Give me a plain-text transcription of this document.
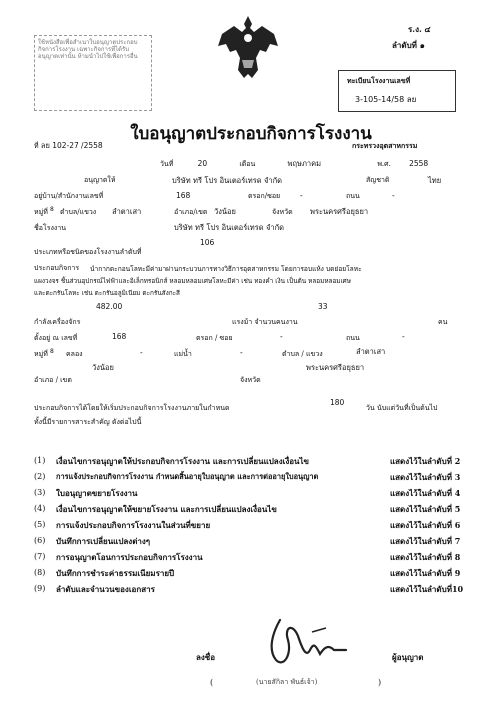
ใช้หนังสือเพื่อสำเนาใบอนุญาตประกอบกิจการโรงงาน เฉพาะกิจการที่ได้รับอนุญาตเท่านั้น ห้ามนำไปใช้เพื่อการอื่น
ร.ง. ๔
ลำดับที่ ๑
ทะเบียนโรงงานเลขที่
3-105-14/58 ลย
ใบอนุญาตประกอบกิจการโรงงาน
ที่ ลย 102-27 /2558	กระทรวงอุตสาหกรรม
วันที่	20	เดือน	พฤษภาคม	พ.ศ. 2558
อนุญาตให้	บริษัท ทรี โปร อินเตอร์เทรด จำกัด	สัญชาติ	ไทย
อยู่บ้าน/สำนักงานเลขที่	168	ตรอก/ซอย	-	ถนน	-
หมู่ที่ 8 ตำบล/แขวง ลำตาเสา	อำเภอ/เขต วังน้อย	จังหวัด พระนครศรีอยุธยา
ชื่อโรงงาน	บริษัท ทรี โปร อินเตอร์เทรด จำกัด
ประเภทหรือชนิดของโรงงานลำดับที่
106
ประกอบกิจการ นำกากตะกอนโลหะมีค่ามาผ่านกระบวนการทางวิธีการอุตสาหกรรม โดยการอบแห้ง บดย่อยโลหะ
แผงวงจร ชิ้นส่วนอุปกรณ์ไฟฟ้าและอิเล็กทรอนิกส์ หลอมหลอมเศษโลหะมีค่า เช่น ทองคำ เงิน เป็นต้น หลอมหลอมเศษ
และตะกรันโลหะ เช่น ตะกรันอลูมิเนียม ตะกรันสังกะสี
482.00	33
กำลังเครื่องจักร	แรงม้า จำนวนคนงาน	คน
ตั้งอยู่ ณ เลขที่	168	ตรอก / ซอย	-	ถนน	-
หมู่ที่ 8 คลอง	-	แม่น้ำ	-	ตำบล / แขวง	ลำตาเสา
วังน้อย	พระนครศรีอยุธยา
อำเภอ / เขต	จังหวัด
ประกอบกิจการได้โดยให้เริ่มประกอบกิจการโรงงานภายในกำหนด
180
วัน นับแต่วันที่เป็นต้นไป
ทั้งนี้มีรายการสาระสำคัญ ดังต่อไปนี้
(1) เงื่อนไขการอนุญาตให้ประกอบกิจการโรงงาน และการเปลี่ยนแปลงเงื่อนไข	แสดงไว้ในลำดับที่ 2
(2) การแจ้งประกอบกิจการโรงงาน กำหนดสิ้นอายุใบอนุญาต และการต่ออายุใบอนุญาต	แสดงไว้ในลำดับที่ 3
(3) ใบอนุญาตขยายโรงงาน	แสดงไว้ในลำดับที่ 4
(4) เงื่อนไขการอนุญาตให้ขยายโรงงาน และการเปลี่ยนแปลงเงื่อนไข	แสดงไว้ในลำดับที่ 5
(5) การแจ้งประกอบกิจการโรงงานในส่วนที่ขยาย	แสดงไว้ในลำดับที่ 6
(6) บันทึกการเปลี่ยนแปลงต่างๆ	แสดงไว้ในลำดับที่ 7
(7) การอนุญาตโอนการประกอบกิจการโรงงาน	แสดงไว้ในลำดับที่ 8
(8) บันทึกการชำระค่าธรรมเนียมรายปี	แสดงไว้ในลำดับที่ 9
(9) ลำดับและจำนวนของเอกสาร	แสดงไว้ในลำดับที่10
ลงชื่อ	ผู้อนุญาต
(	(นายสักิลา พันธ์เจ้า)	)
